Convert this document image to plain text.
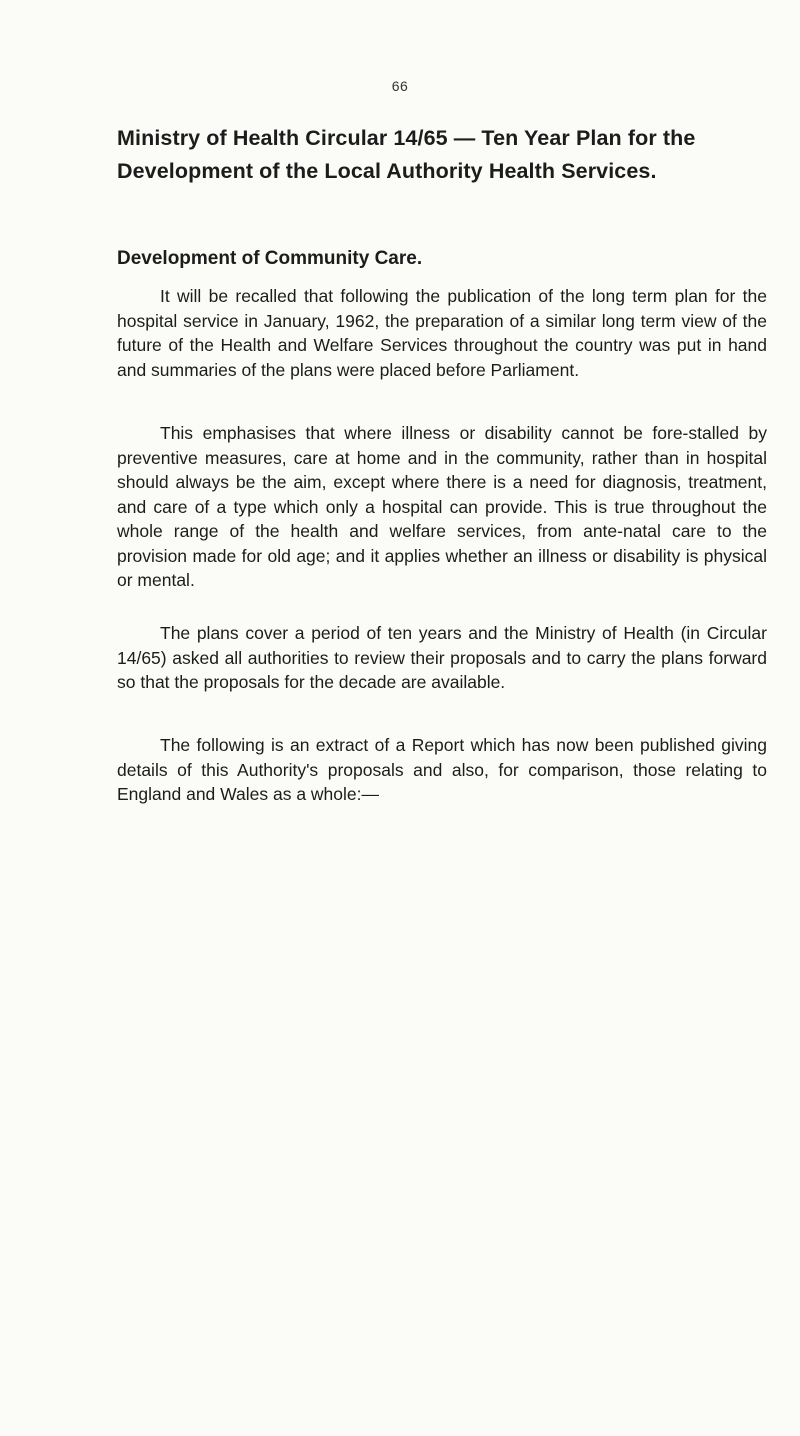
66
Ministry of Health Circular 14/65 — Ten Year Plan for the
Development of the Local Authority Health Services.
Development of Community Care.

It will be recalled that following the publication of the long term plan for the hospital service in January, 1962, the preparation of a similar long term view of the future of the Health and Welfare Services throughout the country was put in hand and summaries of the plans were placed before Parliament.

This emphasises that where illness or disability cannot be fore-stalled by preventive measures, care at home and in the community, rather than in hospital should always be the aim, except where there is a need for diagnosis, treatment, and care of a type which only a hospital can provide. This is true throughout the whole range of the health and welfare services, from ante-natal care to the provision made for old age; and it applies whether an illness or disability is physical or mental.

The plans cover a period of ten years and the Ministry of Health (in Circular 14/65) asked all authorities to review their proposals and to carry the plans forward so that the proposals for the decade are available.

The following is an extract of a Report which has now been published giving details of this Authority's proposals and also, for comparison, those relating to England and Wales as a whole:—
